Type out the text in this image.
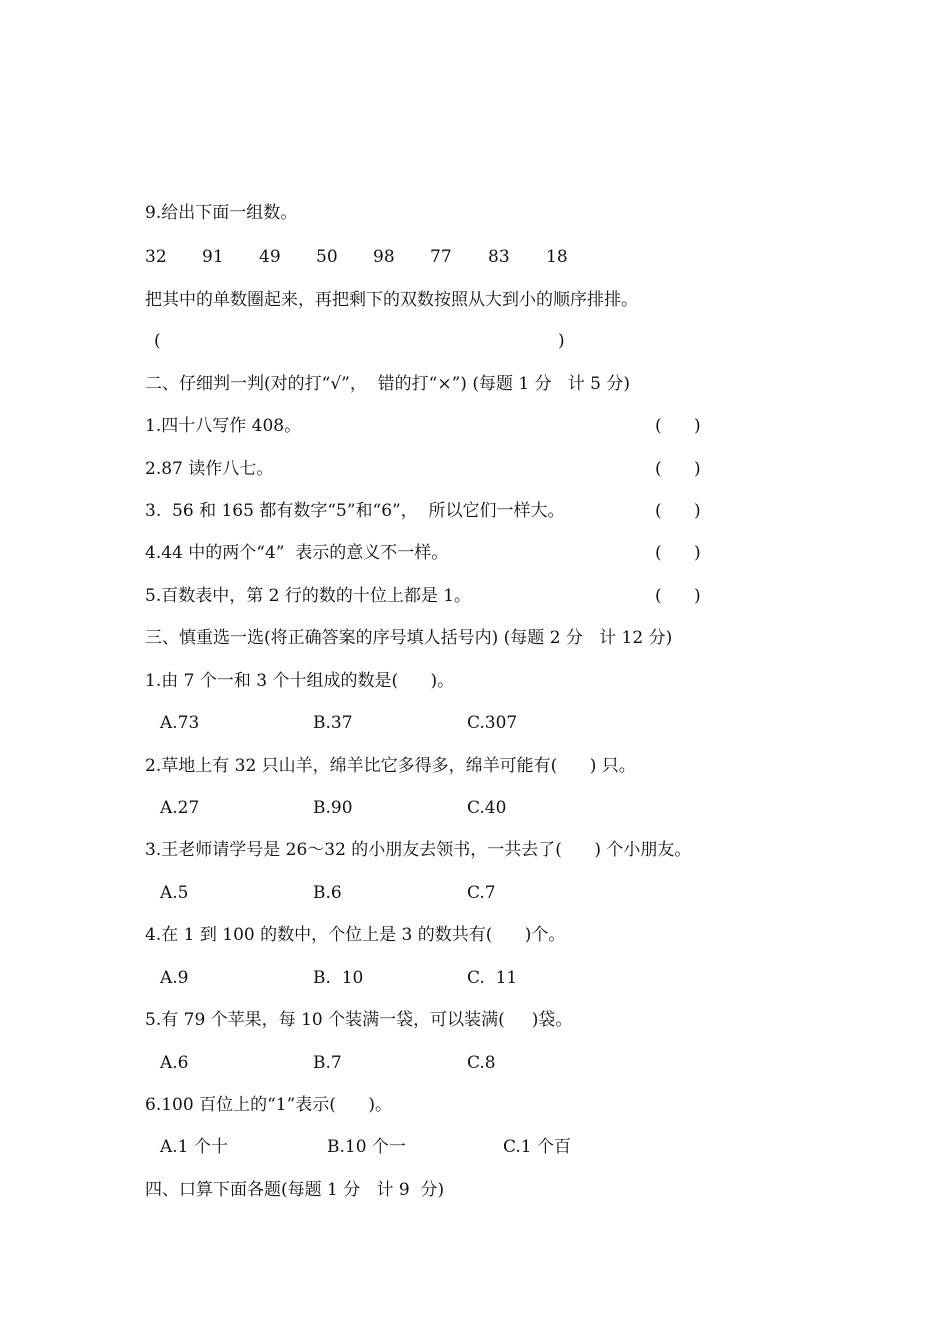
9.给出下面一组数。
32 91 49 50 98 77 83 18
把其中的单数圈起来，再把剩下的双数按照从大到小的顺序排排。
(	)
二、仔细判一判(对的打“√”，  错的打“×”) (每题 1 分   计 5 分)
1.四十八写作 408。	(      )
2.87 读作八七。	(      )
3.  56 和 165 都有数字“5”和“6”，  所以它们一样大。	(      )
4.44 中的两个“4”  表示的意义不一样。	(      )
5.百数表中，第 2 行的数的十位上都是 1。	(      )
三、慎重选一选(将正确答案的序号填人括号内) (每题 2 分   计 12 分)
1.由 7 个一和 3 个十组成的数是(      )。
A.73	B.37	C.307
2.草地上有 32 只山羊，绵羊比它多得多，绵羊可能有(      ) 只。
A.27	B.90	C.40
3.王老师请学号是 26～32 的小朋友去领书，一共去了(      ) 个小朋友。
A.5	B.6	C.7
4.在 1 到 100 的数中，个位上是 3 的数共有(      )个。
A.9	B.  10	C.  11
5.有 79 个苹果，每 10 个装满一袋，可以装满(     )袋。
A.6	B.7	C.8
6.100 百位上的“1”表示(      )。
A.1 个十	B.10 个一	C.1 个百
四、口算下面各题(每题 1 分   计 9  分)
